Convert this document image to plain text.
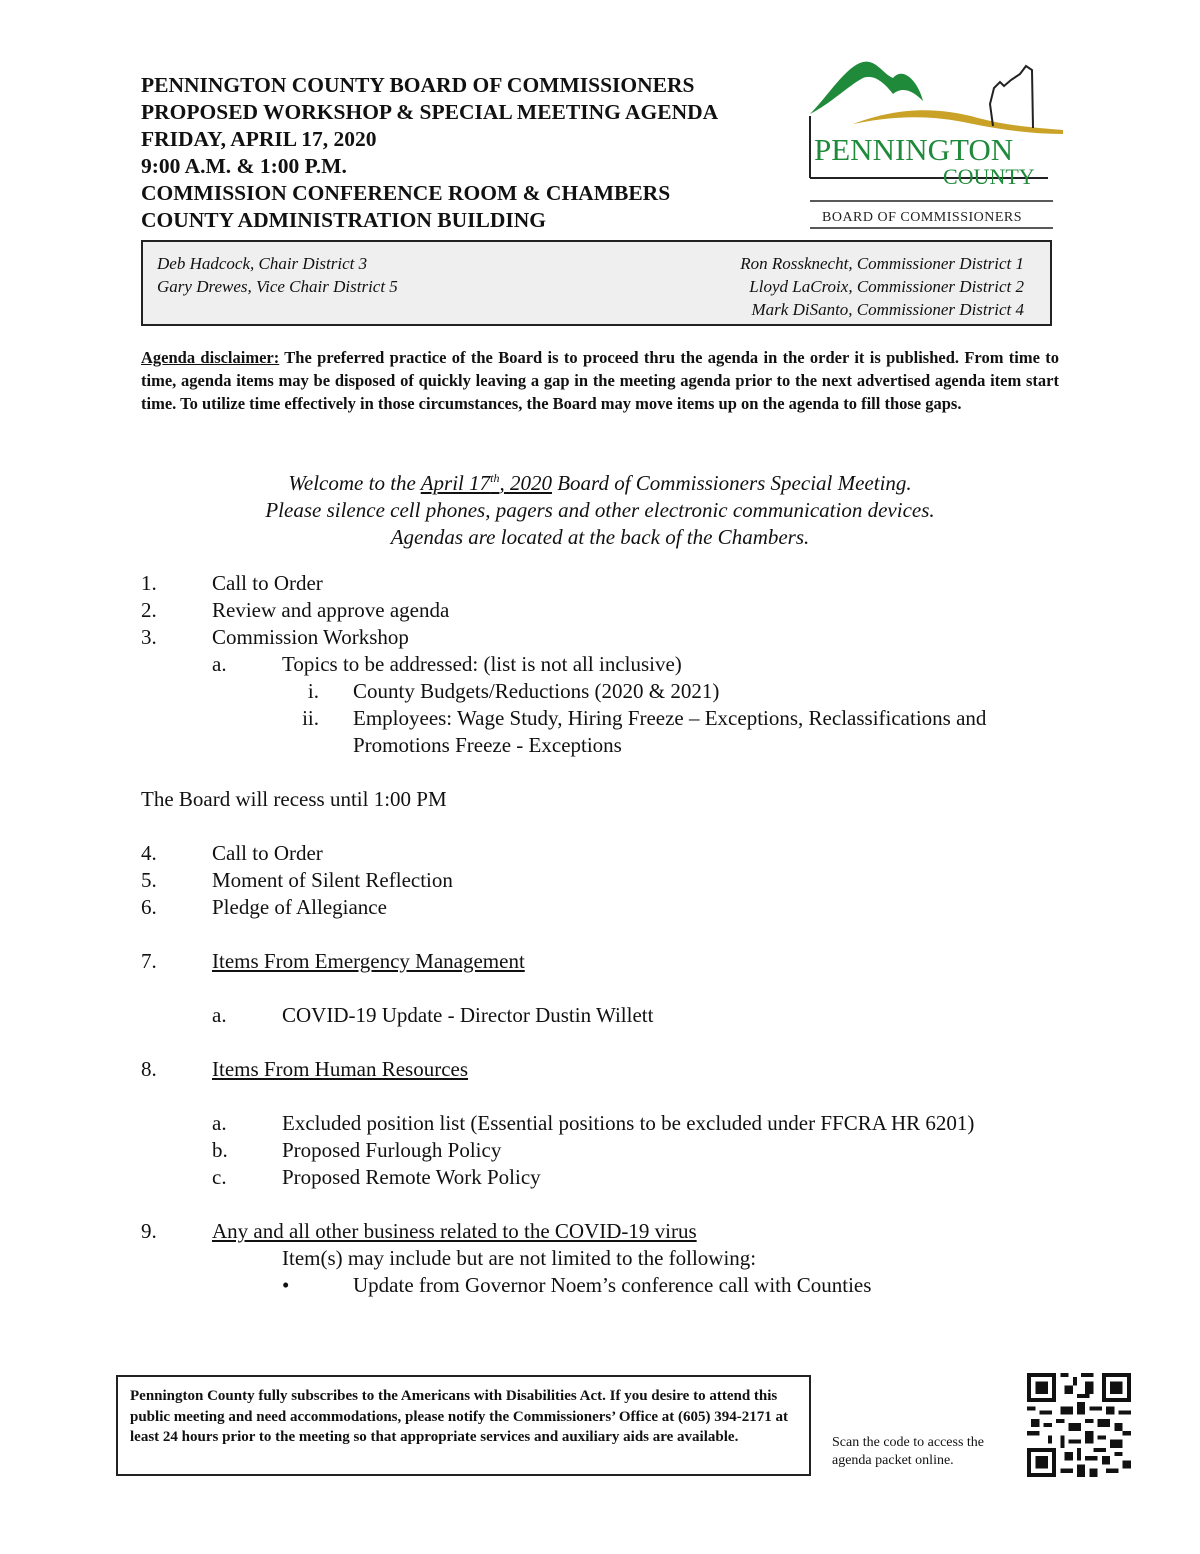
PENNINGTON COUNTY BOARD OF COMMISSIONERS
PROPOSED WORKSHOP & SPECIAL MEETING AGENDA
FRIDAY, APRIL 17, 2020
9:00 A.M. & 1:00 P.M.
COMMISSION CONFERENCE ROOM & CHAMBERS
COUNTY ADMINISTRATION BUILDING
PENNINGTON
COUNTY
BOARD OF COMMISSIONERS
Deb Hadcock, Chair District 3
Gary Drewes, Vice Chair District 5
Ron Rossknecht, Commissioner District 1
Lloyd LaCroix, Commissioner District 2
Mark DiSanto, Commissioner District 4
Agenda disclaimer: The preferred practice of the Board is to proceed thru the agenda in the order it is published. From time to time, agenda items may be disposed of quickly leaving a gap in the meeting agenda prior to the next advertised agenda item start time. To utilize time effectively in those circumstances, the Board may move items up on the agenda to fill those gaps.
Welcome to the April 17th, 2020 Board of Commissioners Special Meeting.
Please silence cell phones, pagers and other electronic communication devices.
Agendas are located at the back of the Chambers.
1.	Call to Order
2.	Review and approve agenda
3.	Commission Workshop
a.	Topics to be addressed: (list is not all inclusive)
i. County Budgets/Reductions (2020 & 2021)
ii. Employees: Wage Study, Hiring Freeze – Exceptions, Reclassifications and Promotions Freeze - Exceptions
The Board will recess until 1:00 PM
4.	Call to Order
5.	Moment of Silent Reflection
6.	Pledge of Allegiance
7.	Items From Emergency Management
a.	COVID-19 Update - Director Dustin Willett
8.	Items From Human Resources
a.	Excluded position list (Essential positions to be excluded under FFCRA HR 6201)
b.	Proposed Furlough Policy
c.	Proposed Remote Work Policy
9.	Any and all other business related to the COVID-19 virus
Item(s) may include but are not limited to the following:
•	Update from Governor Noem’s conference call with Counties
Pennington County fully subscribes to the Americans with Disabilities Act. If you desire to attend this public meeting and need accommodations, please notify the Commissioners’ Office at (605) 394-2171 at least 24 hours prior to the meeting so that appropriate services and auxiliary aids are available.	Scan the code to access the
agenda packet online.
